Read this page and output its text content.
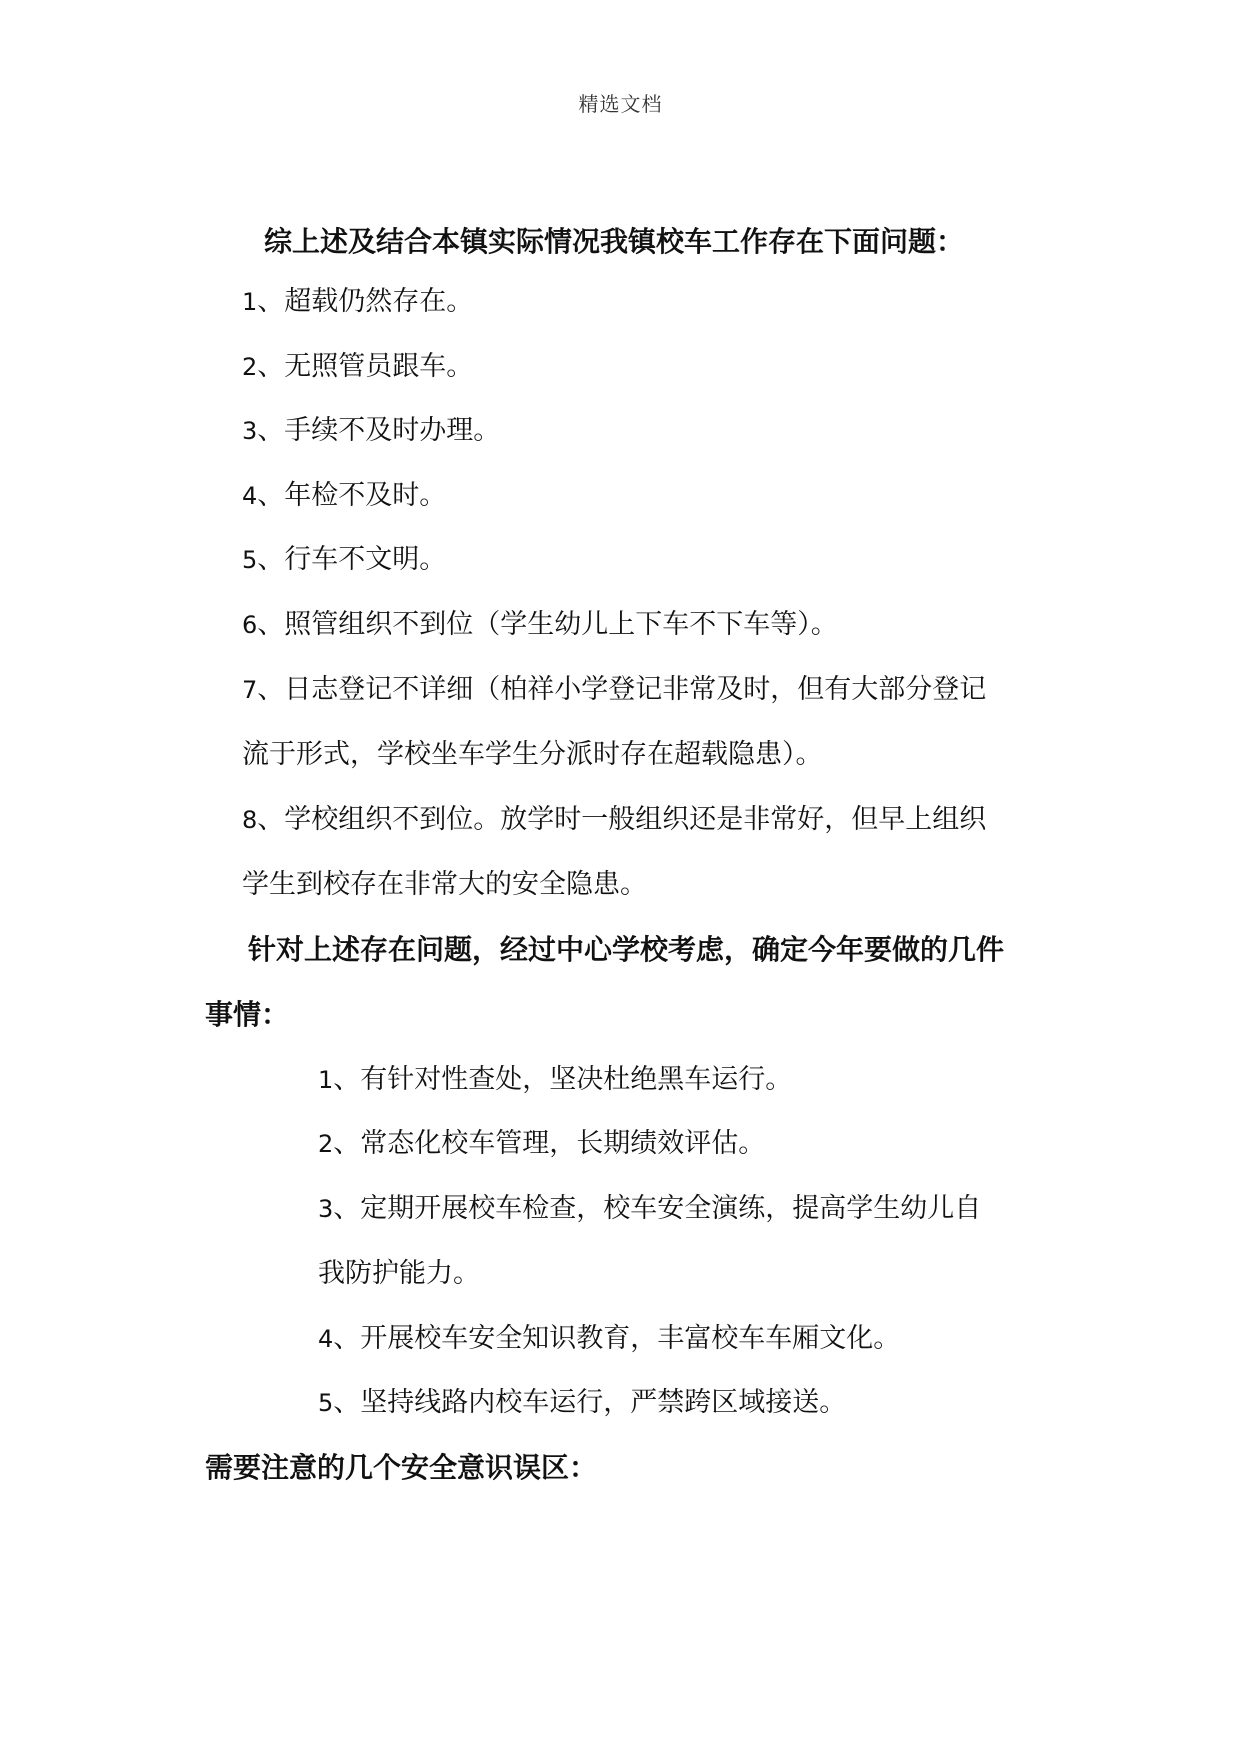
精选文档
综上述及结合本镇实际情况我镇校车工作存在下面问题：
1、超载仍然存在。
2、无照管员跟车。
3、手续不及时办理。
4、年检不及时。
5、行车不文明。
6、照管组织不到位（学生幼儿上下车不下车等）。
7、日志登记不详细（柏祥小学登记非常及时，但有大部分登记
流于形式，学校坐车学生分派时存在超载隐患）。
8、学校组织不到位。放学时一般组织还是非常好，但早上组织
学生到校存在非常大的安全隐患。
针对上述存在问题，经过中心学校考虑，确定今年要做的几件
事情：
1、有针对性查处，坚决杜绝黑车运行。
2、常态化校车管理，长期绩效评估。
3、定期开展校车检查，校车安全演练，提高学生幼儿自
我防护能力。
4、开展校车安全知识教育，丰富校车车厢文化。
5、坚持线路内校车运行，严禁跨区域接送。
需要注意的几个安全意识误区：
